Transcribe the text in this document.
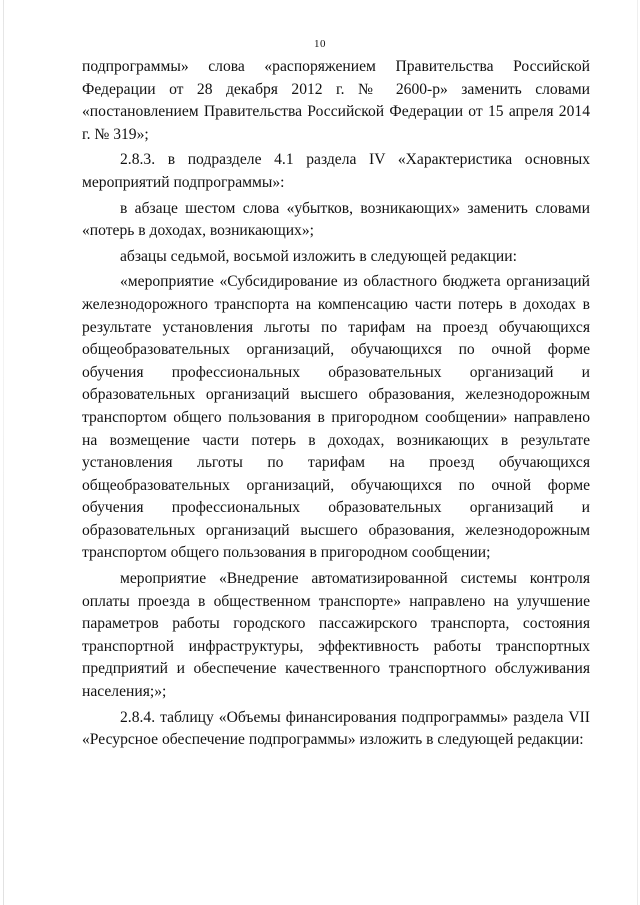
10

подпрограммы» слова «распоряжением Правительства Российской Федерации от 28 декабря 2012 г. № 2600-р» заменить словами «постановлением Правительства Российской Федерации от 15 апреля 2014 г. № 319»;

2.8.3. в подразделе 4.1 раздела IV «Характеристика основных мероприятий подпрограммы»:

в абзаце шестом слова «убытков, возникающих» заменить словами «потерь в доходах, возникающих»;

абзацы седьмой, восьмой изложить в следующей редакции:

«мероприятие «Субсидирование из областного бюджета организаций железнодорожного транспорта на компенсацию части потерь в доходах в результате установления льготы по тарифам на проезд обучающихся общеобразовательных организаций, обучающихся по очной форме обучения профессиональных образовательных организаций и образовательных организаций высшего образования, железнодорожным транспортом общего пользования в пригородном сообщении» направлено на возмещение части потерь в доходах, возникающих в результате установления льготы по тарифам на проезд обучающихся общеобразовательных организаций, обучающихся по очной форме обучения профессиональных образовательных организаций и образовательных организаций высшего образования, железнодорожным транспортом общего пользования в пригородном сообщении;

мероприятие «Внедрение автоматизированной системы контроля оплаты проезда в общественном транспорте» направлено на улучшение параметров работы городского пассажирского транспорта, состояния транспортной инфраструктуры, эффективность работы транспортных предприятий и обеспечение качественного транспортного обслуживания населения;»;

2.8.4. таблицу «Объемы финансирования подпрограммы» раздела VII «Ресурсное обеспечение подпрограммы» изложить в следующей редакции:
